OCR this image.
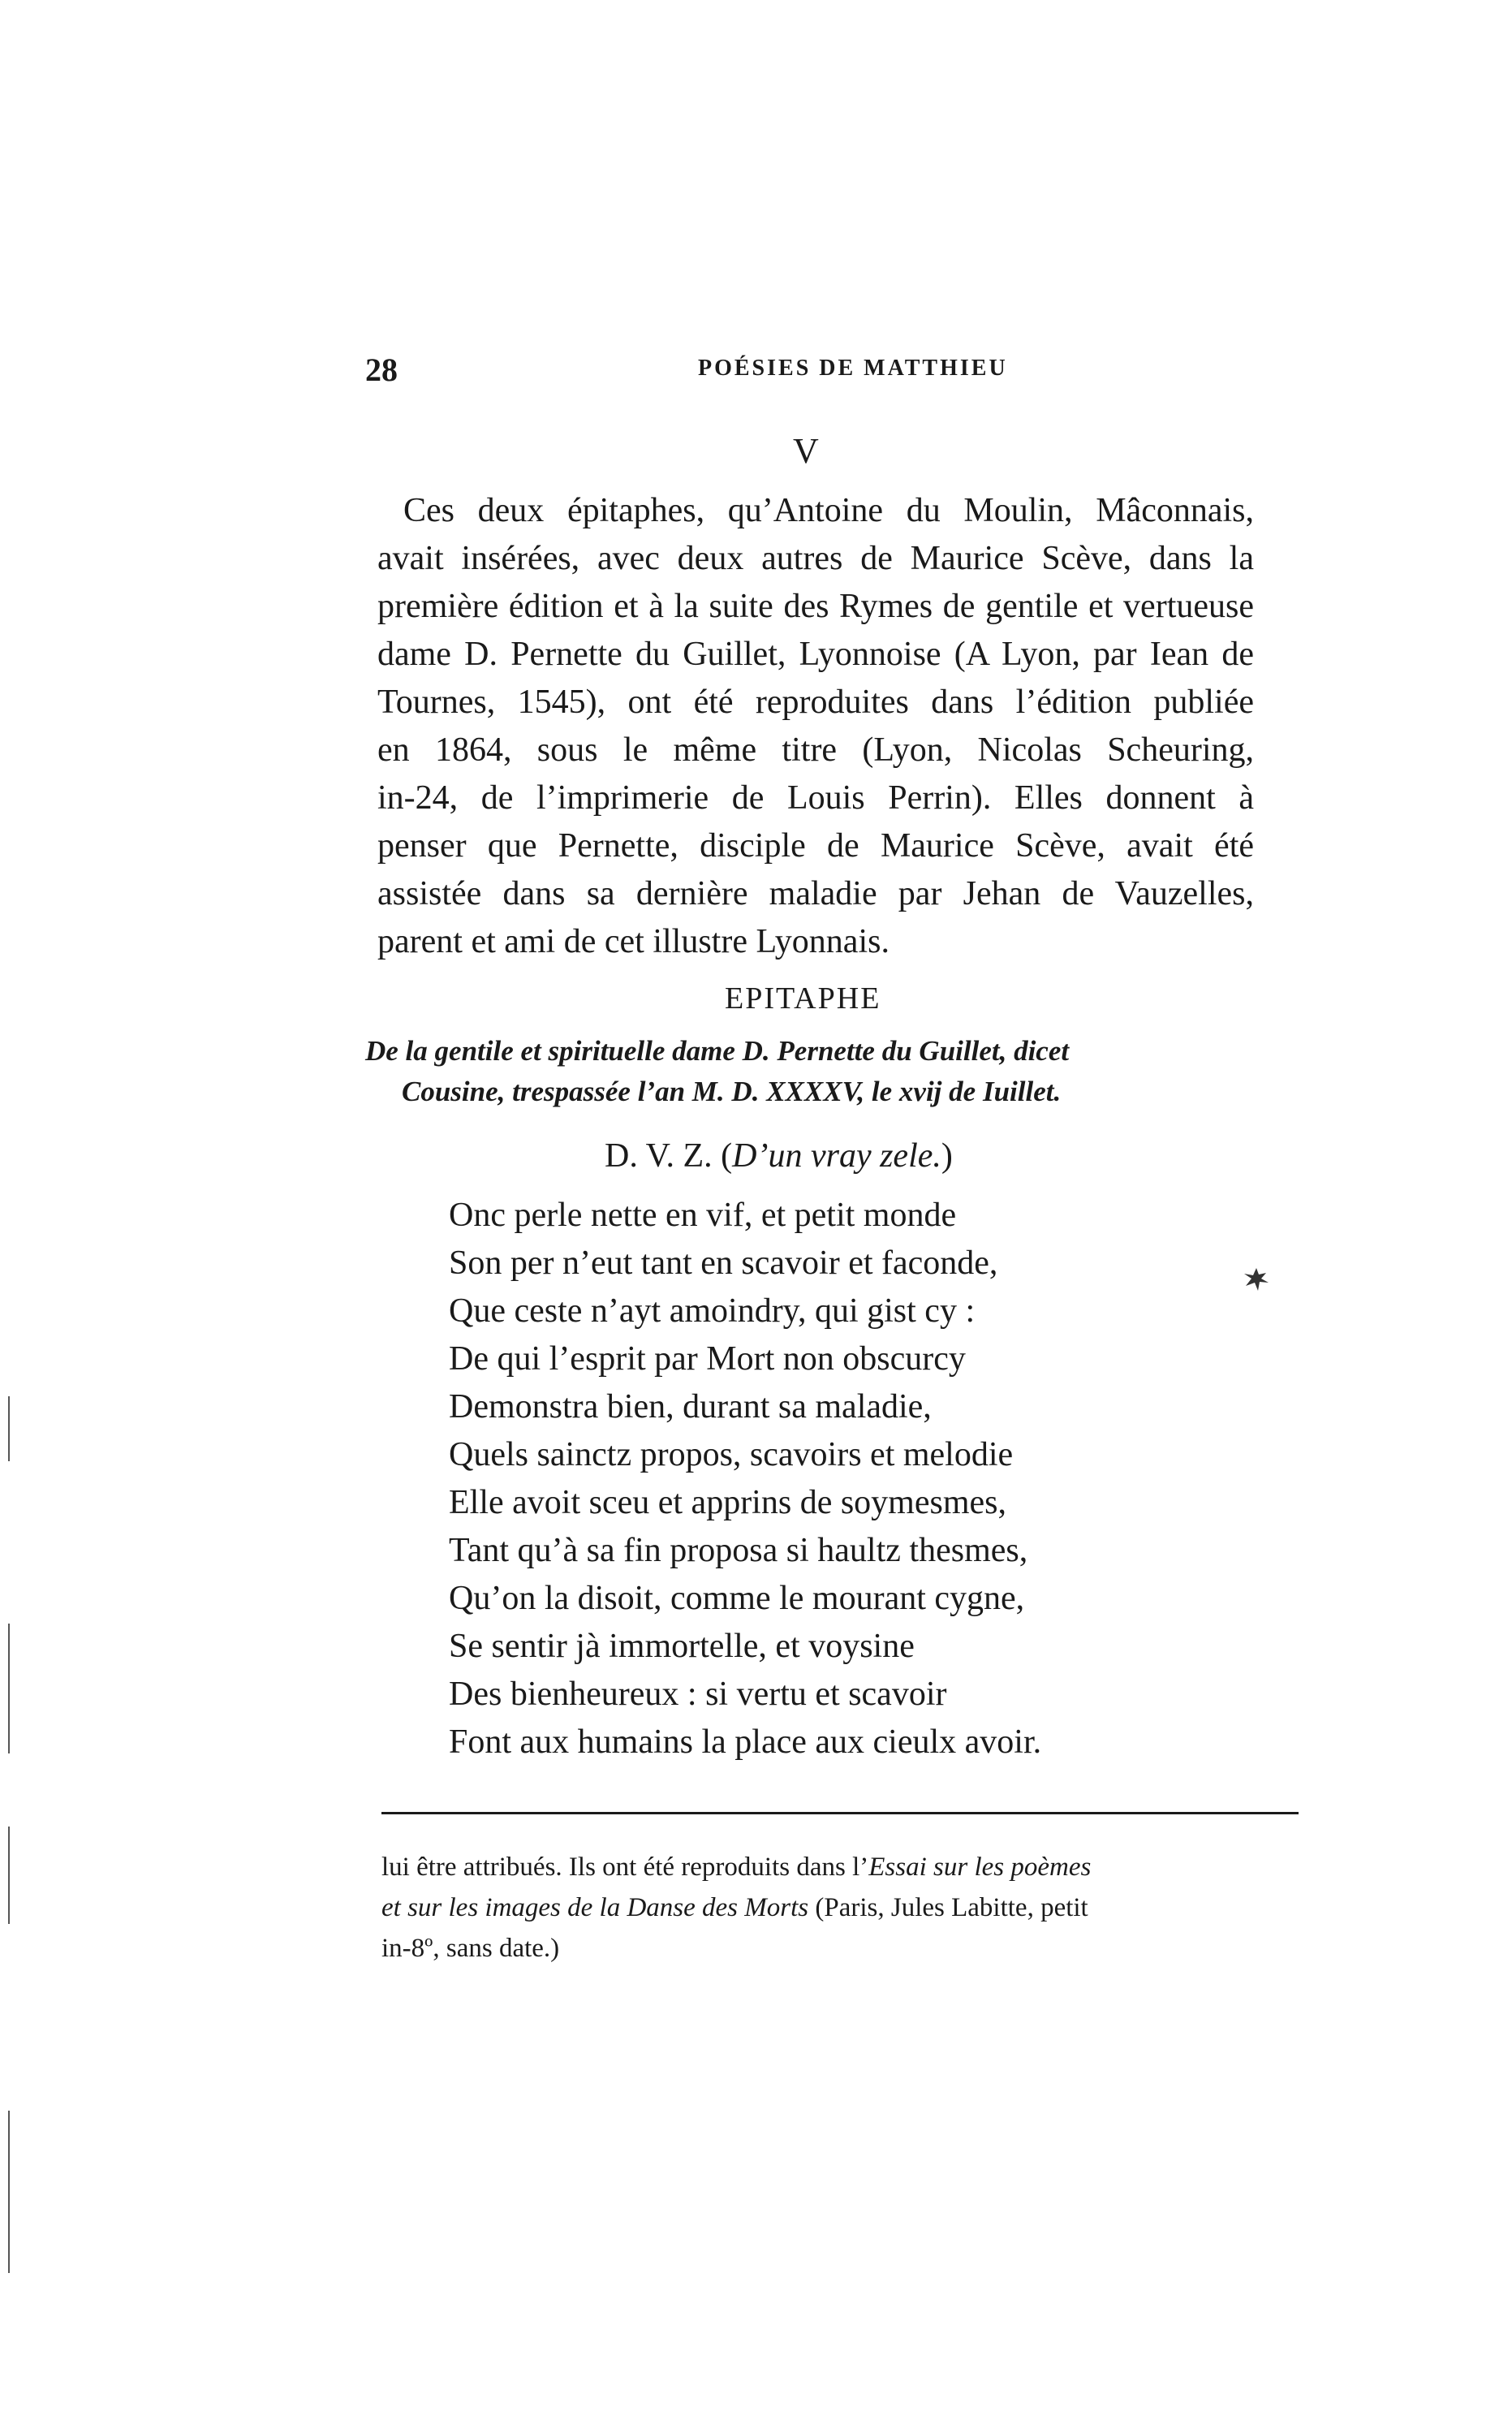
28	POÉSIES DE MATTHIEU
V
Ces deux épitaphes, qu’Antoine du Moulin, Mâconnais,
avait insérées, avec deux autres de Maurice Scève, dans la
première édition et à la suite des Rymes de gentile et vertueuse
dame D. Pernette du Guillet, Lyonnoise (A Lyon, par Iean de
Tournes, 1545), ont été reproduites dans l’édition publiée
en 1864, sous le même titre (Lyon, Nicolas Scheuring,
in-24, de l’imprimerie de Louis Perrin). Elles donnent à
penser que Pernette, disciple de Maurice Scève, avait été
assistée dans sa dernière maladie par Jehan de Vauzelles,
parent et ami de cet illustre Lyonnais.
EPITAPHE
De la gentile et spirituelle dame D. Pernette du Guillet, dicet
Cousine, trespassée l’an M. D. XXXXV, le xvij de Iuillet.
D. V. Z. (D’un vray zele.)
Onc perle nette en vif, et petit monde
Son per n’eut tant en scavoir et faconde,
Que ceste n’ayt amoindry, qui gist cy :
De qui l’esprit par Mort non obscurcy
Demonstra bien, durant sa maladie,
Quels sainctz propos, scavoirs et melodie
Elle avoit sceu et apprins de soymesmes,
Tant qu’à sa fin proposa si haultz thesmes,
Qu’on la disoit, comme le mourant cygne,
Se sentir jà immortelle, et voysine
Des bienheureux : si vertu et scavoir
Font aux humains la place aux cieulx avoir.
lui être attribués. Ils ont été reproduits dans l’Essai sur les poèmes
et sur les images de la Danse des Morts (Paris, Jules Labitte, petit
in-8º, sans date.)
